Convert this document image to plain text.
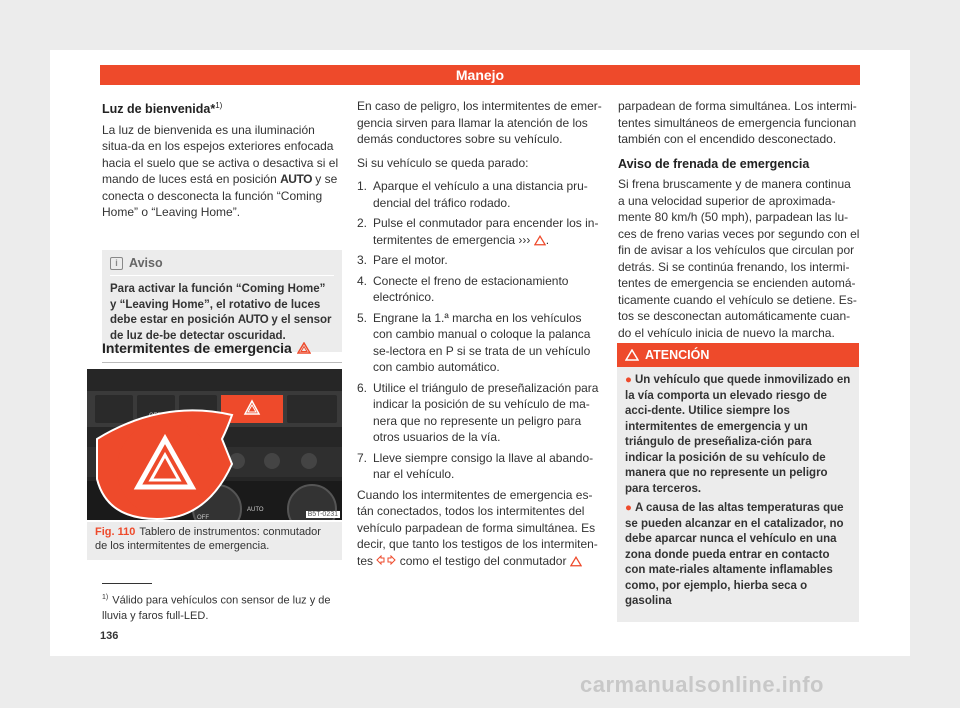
Manejo
Luz de bienvenida*$^{1)}$

La luz de bienvenida es una iluminación situa-da en los espejos exteriores enfocada hacia el suelo que se activa o desactiva si el mando de luces está en posición AUTO y se conecta o desconecta la función “Coming Home” o “Leaving Home”.

i Aviso
Para activar la función “Coming Home” y “Leaving Home”, el rotativo de luces debe estar en posición AUTO y el sensor de luz de-be detectar oscuridad.
Intermitentes de emergencia
OFF
AUTO
B5T-0231
Fig. 110 Tablero de instrumentos: conmutador de los intermitentes de emergencia.

En caso de peligro, los intermitentes de emer-gencia sirven para llamar la atención de los demás conductores sobre su vehículo.

Si su vehículo se queda parado:

1. Aparque el vehículo a una distancia pru-dencial del tráfico rodado.
2. Pulse el conmutador para encender los in-termitentes de emergencia ››› .
3. Pare el motor.
4. Conecte el freno de estacionamiento electrónico.
5. Engrane la 1.ª marcha en los vehículos con cambio manual o coloque la palanca se-lectora en P si se trata de un vehículo con cambio automático.
6. Utilice el triángulo de preseñalización para indicar la posición de su vehículo de ma-nera que no represente un peligro para otros usuarios de la vía.
7. Lleve siempre consigo la llave al abando-nar el vehículo.

Cuando los intermitentes de emergencia es-tán conectados, todos los intermitentes del vehículo parpadean de forma simultánea. Es decir, que tanto los testigos de los intermiten-tes como el testigo del conmutador

parpadean de forma simultánea. Los intermi-tentes simultáneos de emergencia funcionan también con el encendido desconectado.

Aviso de frenada de emergencia

Si frena bruscamente y de manera continua a una velocidad superior de aproximada-mente 80 km/h (50 mph), parpadean las lu-ces de freno varias veces por segundo con el fin de avisar a los vehículos que circulan por detrás. Si se continúa frenando, los intermi-tentes de emergencia se encienden automá-ticamente cuando el vehículo se detiene. Es-tos se desconectan automáticamente cuan-do el vehículo inicia de nuevo la marcha.

ATENCIÓN
● Un vehículo que quede inmovilizado en la vía comporta un elevado riesgo de acci-dente. Utilice siempre los intermitentes de emergencia y un triángulo de preseñaliza-ción para indicar la posición de su vehículo de manera que no represente un peligro para terceros.
● A causa de las altas temperaturas que se pueden alcanzar en el catalizador, no debe aparcar nunca el vehículo en una zona donde pueda entrar en contacto con mate-riales altamente inflamables como, por ejemplo, hierba seca o gasolina
$^{1)}$ Válido para vehículos con sensor de luz y de lluvia y faros full-LED.
136
carmanualsonline.info
